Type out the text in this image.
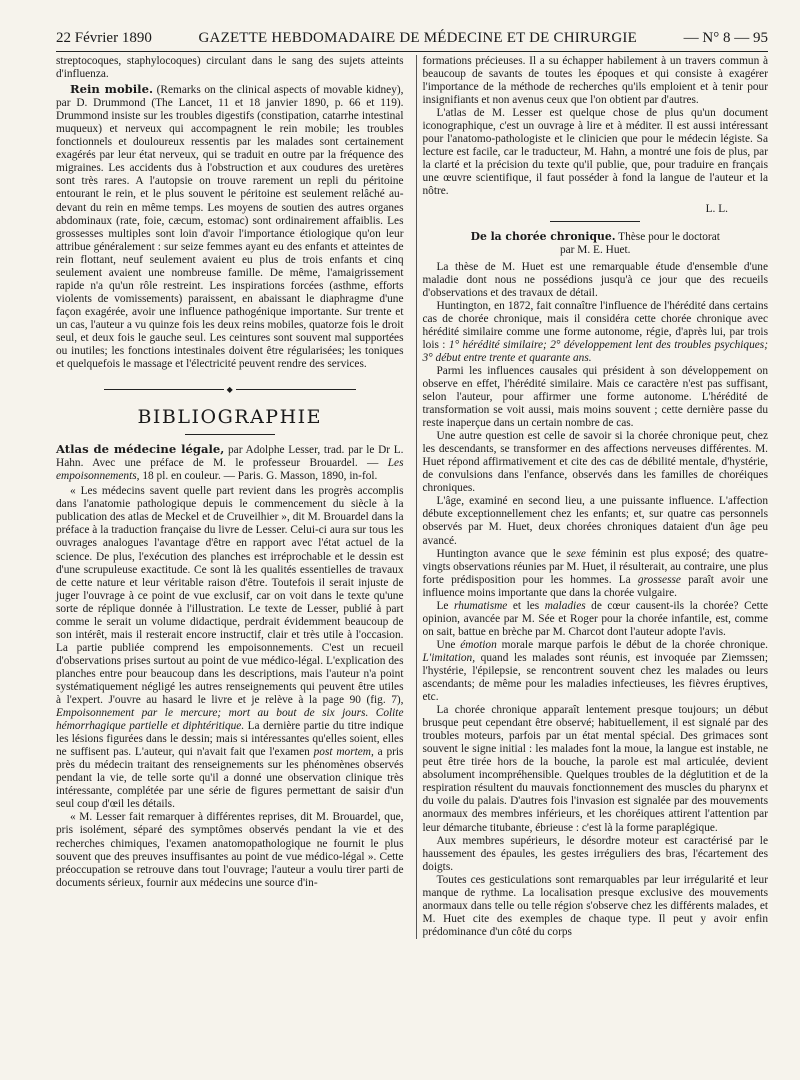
22 Février 1890	GAZETTE HEBDOMADAIRE DE MÉDECINE ET DE CHIRURGIE	— N° 8 — 95

streptocoques, staphylocoques) circulant dans le sang des sujets atteints d'influenza.

Rein mobile. (Remarks on the clinical aspects of movable kidney), par D. Drummond (The Lancet, 11 et 18 janvier 1890, p. 66 et 119). Drummond insiste sur les troubles digestifs (constipation, catarrhe intestinal muqueux) et nerveux qui accompagnent le rein mobile; les troubles fonctionnels et douloureux ressentis par les malades sont certainement exagérés par leur état nerveux, qui se traduit en outre par la fréquence des migraines. Les accidents dus à l'obstruction et aux coudures des uretères sont très rares. A l'autopsie on trouve rarement un repli du péritoine entourant le rein, et le plus souvent le péritoine est seulement relâché au-devant du rein en même temps. Les moyens de soutien des autres organes abdominaux (rate, foie, cæcum, estomac) sont ordinairement affaiblis. Les grossesses multiples sont loin d'avoir l'importance étiologique qu'on leur attribue généralement : sur seize femmes ayant eu des enfants et atteintes de rein flottant, neuf seulement avaient eu plus de trois enfants et cinq seulement avaient une nombreuse famille. De même, l'amaigrissement rapide n'a qu'un rôle restreint. Les inspirations forcées (asthme, efforts violents de vomissements) paraissent, en abaissant le diaphragme d'une façon exagérée, avoir une influence pathogénique importante. Sur trente et un cas, l'auteur a vu quinze fois les deux reins mobiles, quatorze fois le droit seul, et deux fois le gauche seul. Les ceintures sont souvent mal supportées ou inutiles; les fonctions intestinales doivent être régularisées; les toniques et quelquefois le massage et l'électricité peuvent rendre des services.

◆
BIBLIOGRAPHIE

Atlas de médecine légale, par Adolphe Lesser, trad. par le Dr L. Hahn. Avec une préface de M. le professeur Brouardel. — Les empoisonnements, 18 pl. en couleur. — Paris. G. Masson, 1890, in-fol.

« Les médecins savent quelle part revient dans les progrès accomplis dans l'anatomie pathologique depuis le commencement du siècle à la publication des atlas de Meckel et de Cruveilhier », dit M. Brouardel dans la préface à la traduction française du livre de Lesser. Celui-ci aura sur tous les ouvrages analogues l'avantage d'être en rapport avec l'état actuel de la science. De plus, l'exécution des planches est irréprochable et le dessin est d'une scrupuleuse exactitude. Ce sont là les qualités essentielles de travaux de cette nature et leur véritable raison d'être. Toutefois il serait injuste de juger l'ouvrage à ce point de vue exclusif, car on voit dans le texte qu'une sorte de réplique donnée à l'illustration. Le texte de Lesser, publié à part comme le serait un volume didactique, perdrait évidemment beaucoup de son intérêt, mais il resterait encore instructif, clair et très utile à l'occasion. La partie publiée comprend les empoisonnements. C'est un recueil d'observations prises surtout au point de vue médico-légal. L'explication des planches entre pour beaucoup dans les descriptions, mais l'auteur n'a point systématiquement négligé les autres renseignements qui peuvent être utiles à l'expert. J'ouvre au hasard le livre et je relève à la page 90 (fig. 7), Empoisonnement par le mercure; mort au bout de six jours. Colite hémorrhagique partielle et diphtéritique. La dernière partie du titre indique les lésions figurées dans le dessin; mais si intéressantes qu'elles soient, elles ne suffisent pas. L'auteur, qui n'avait fait que l'examen post mortem, a pris près du médecin traitant des renseignements sur les phénomènes observés pendant la vie, de telle sorte qu'il a donné une observation clinique très intéressante, complétée par une série de figures permettant de saisir d'un seul coup d'œil les détails.

« M. Lesser fait remarquer à différentes reprises, dit M. Brouardel, que, pris isolément, séparé des symptômes observés pendant la vie et des recherches chimiques, l'examen anatomopathologique ne fournit le plus souvent que des preuves insuffisantes au point de vue médico-légal ». Cette préoccupation se retrouve dans tout l'ouvrage; l'auteur a voulu tirer parti de documents sérieux, fournir aux médecins une source d'in-

formations précieuses. Il a su échapper habilement à un travers commun à beaucoup de savants de toutes les époques et qui consiste à exagérer l'importance de la méthode de recherches qu'ils emploient et à tenir pour insignifiants et non avenus ceux que l'on obtient par d'autres.

L'atlas de M. Lesser est quelque chose de plus qu'un document iconographique, c'est un ouvrage à lire et à méditer. Il est aussi intéressant pour l'anatomo-pathologiste et le clinicien que pour le médecin légiste. Sa lecture est facile, car le traducteur, M. Hahn, a montré une fois de plus, par la clarté et la précision du texte qu'il publie, que, pour traduire en français une œuvre scientifique, il faut posséder à fond la langue de l'auteur et la nôtre.

L. L.

De la chorée chronique. Thèse pour le doctorat
par M. E. Huet.

La thèse de M. Huet est une remarquable étude d'ensemble d'une maladie dont nous ne possédions jusqu'à ce jour que des recueils d'observations et des travaux de détail.

Huntington, en 1872, fait connaître l'influence de l'hérédité dans certains cas de chorée chronique, mais il considéra cette chorée chronique avec hérédité similaire comme une forme autonome, régie, d'après lui, par trois lois : 1° hérédité similaire; 2° développement lent des troubles psychiques; 3° début entre trente et quarante ans.

Parmi les influences causales qui président à son développement on observe en effet, l'hérédité similaire. Mais ce caractère n'est pas suffisant, selon l'auteur, pour affirmer une forme autonome. L'hérédité de transformation se voit aussi, mais moins souvent ; cette dernière passe du reste inaperçue dans un certain nombre de cas.

Une autre question est celle de savoir si la chorée chronique peut, chez les descendants, se transformer en des affections nerveuses différentes. M. Huet répond affirmativement et cite des cas de débilité mentale, d'hystérie, de convulsions dans l'enfance, observés dans les familles de choréiques chroniques.

L'âge, examiné en second lieu, a une puissante influence. L'affection débute exceptionnellement chez les enfants; et, sur quatre cas personnels observés par M. Huet, deux chorées chroniques dataient d'un âge peu avancé.

Huntington avance que le sexe féminin est plus exposé; des quatre-vingts observations réunies par M. Huet, il résulterait, au contraire, une plus forte prédisposition pour les hommes. La grossesse paraît avoir une influence moins importante que dans la chorée vulgaire.

Le rhumatisme et les maladies de cœur causent-ils la chorée? Cette opinion, avancée par M. Sée et Roger pour la chorée infantile, est, comme on sait, battue en brèche par M. Charcot dont l'auteur adopte l'avis.

Une émotion morale marque parfois le début de la chorée chronique. L'imitation, quand les malades sont réunis, est invoquée par Ziemssen; l'hystérie, l'épilepsie, se rencontrent souvent chez les malades ou leurs ascendants; de même pour les maladies infectieuses, les fièvres éruptives, etc.

La chorée chronique apparaît lentement presque toujours; un début brusque peut cependant être observé; habituellement, il est signalé par des troubles moteurs, parfois par un état mental spécial. Des grimaces sont souvent le signe initial : les malades font la moue, la langue est instable, ne peut être tirée hors de la bouche, la parole est mal articulée, devient absolument incompréhensible. Quelques troubles de la déglutition et de la respiration résultent du mauvais fonctionnement des muscles du pharynx et du voile du palais. D'autres fois l'invasion est signalée par des mouvements anormaux des membres inférieurs, et les choréiques attirent l'attention par leur démarche titubante, ébrieuse : c'est là la forme paraplégique.

Aux membres supérieurs, le désordre moteur est caractérisé par le haussement des épaules, les gestes irréguliers des bras, l'écartement des doigts.

Toutes ces gesticulations sont remarquables par leur irrégularité et leur manque de rythme. La localisation presque exclusive des mouvements anormaux dans telle ou telle région s'observe chez les différents malades, et M. Huet cite des exemples de chaque type. Il peut y avoir enfin prédominance d'un côté du corps
